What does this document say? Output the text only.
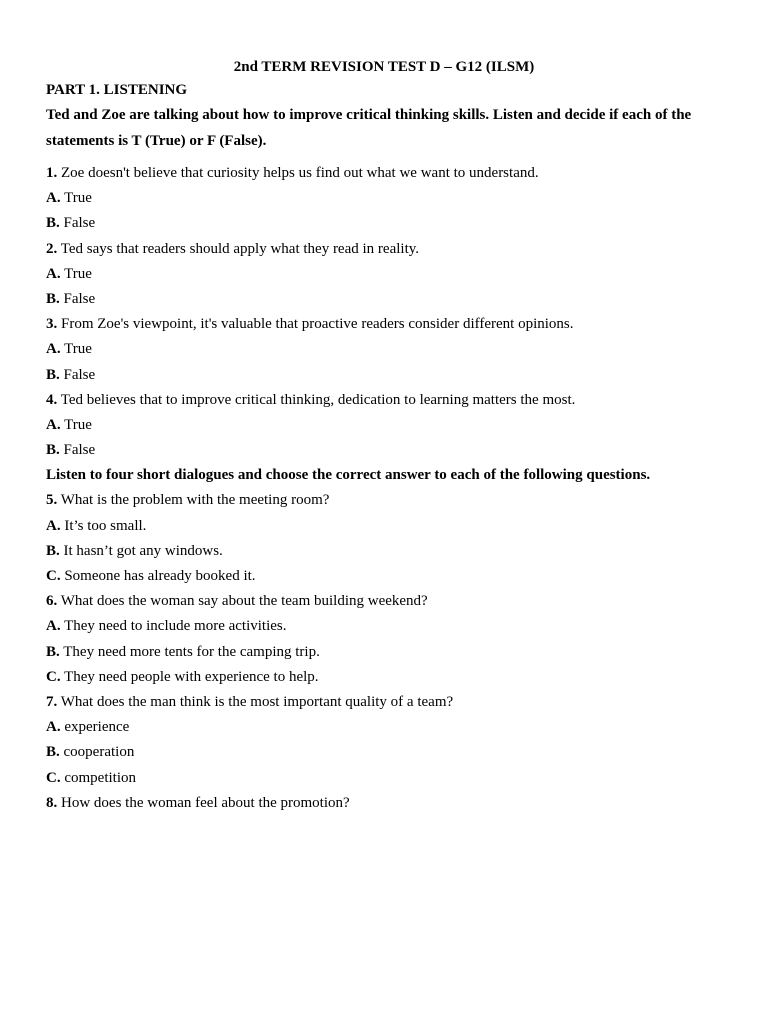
2nd TERM REVISION TEST D – G12 (ILSM)
PART 1. LISTENING
Ted and Zoe are talking about how to improve critical thinking skills. Listen and decide if each of the statements is T (True) or F (False).
1. Zoe doesn't believe that curiosity helps us find out what we want to understand.
A. True
B. False
2. Ted says that readers should apply what they read in reality.
A. True
B. False
3. From Zoe's viewpoint, it's valuable that proactive readers consider different opinions.
A. True
B. False
4. Ted believes that to improve critical thinking, dedication to learning matters the most.
A. True
B. False
Listen to four short dialogues and choose the correct answer to each of the following questions.
5. What is the problem with the meeting room?
A. It’s too small.
B. It hasn’t got any windows.
C. Someone has already booked it.
6. What does the woman say about the team building weekend?
A. They need to include more activities.
B. They need more tents for the camping trip.
C. They need people with experience to help.
7. What does the man think is the most important quality of a team?
A. experience
B. cooperation
C. competition
8. How does the woman feel about the promotion?
